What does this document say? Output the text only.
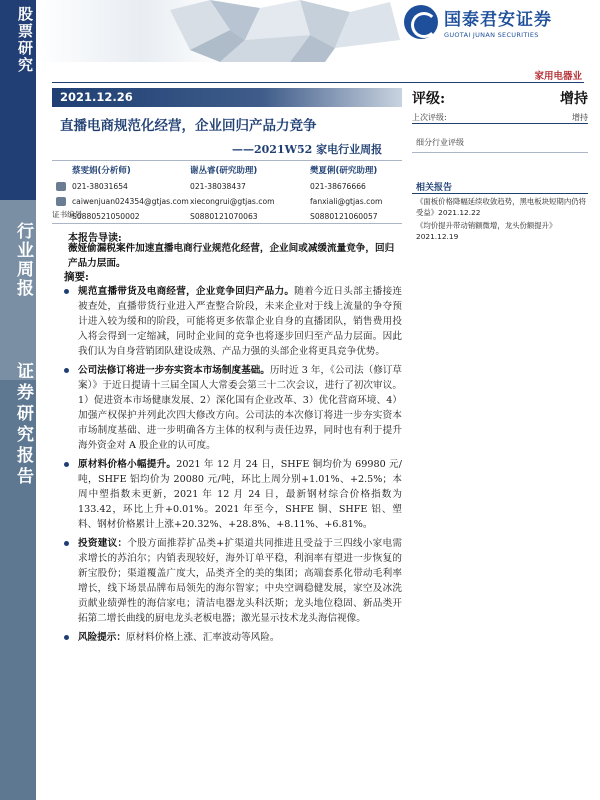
股票研究
行业周报
证券研究报告
国泰君安证券
GUOTAI JUNAN SECURITIES
家用电器业
2021.12.26
直播电商规范化经营，企业回归产品力竞争
——2021W52 家电行业周报
蔡雯娟(分析师)
021-38031654
caiwenjuan024354@gtjas.com
S0880521050002
谢丛睿(研究助理)
021-38038437
xiecongrui@gtjas.com
S0880121070063
樊夏俐(研究助理)
021-38676666
fanxiali@gtjas.com
S0880121060057
证书编号
评级:	增持
上次评级:	增持
细分行业评级
相关报告
《面板价格降幅延续收敛趋势，黑电板块短期内仍将受益》2021.12.22
《均价提升带动销额微增，龙头份额提升》2021.12.19
本报告导读:
薇娅偷漏税案件加速直播电商行业规范化经营，企业间或减缓流量竞争，回归产品力层面。
摘要:
规范直播带货及电商经营，企业竞争回归产品力。随着今近日头部主播接连被查处，直播带货行业进入严查整合阶段，未来企业对于线上流量的争夺预计进入较为缓和的阶段，可能将更多依靠企业自身的直播团队，销售费用投入将会得到一定缩减，同时企业间的竞争也将逐步回归至产品力层面。因此我们认为自身营销团队建设成熟、产品力强的头部企业将更具竞争优势。
公司法修订将进一步夯实资本市场制度基础。历时近 3 年，《公司法（修订草案）》于近日提请十三届全国人大常委会第三十二次会议，进行了初次审议。1）促进资本市场健康发展、2）深化国有企业改革、3）优化营商环境、4）加强产权保护并列此次四大修改方向。公司法的本次修订将进一步夯实资本市场制度基础、进一步明确各方主体的权利与责任边界，同时也有利于提升海外资金对 A 股企业的认可度。
原材料价格小幅提升。2021 年 12 月 24 日，SHFE 铜均价为 69980 元/吨，SHFE 铝均价为 20080 元/吨，环比上周分别+1.01%、+2.5%；本周中塑指数未更新，2021 年 12 月 24 日，最新钢材综合价格指数为 133.42，环比上升+0.01%。2021 年至今，SHFE 铜、SHFE 铝、塑料、钢材价格累计上涨+20.32%、+28.8%、+8.11%、+6.81%。
投资建议：个股方面推荐扩品类+扩渠道共同推进且受益于三四线小家电需求增长的苏泊尔；内销表现较好，海外订单平稳，利润率有望进一步恢复的新宝股份；渠道覆盖广度大，品类齐全的美的集团；高端套系化带动毛利率增长，线下场景品牌布局领先的海尔智家；中央空调稳健发展，家空及冰洗贡献业绩弹性的海信家电；清洁电器龙头科沃斯；龙头地位稳固、新品类开拓第二增长曲线的厨电龙头老板电器；激光显示技术龙头海信视像。
风险提示：原材料价格上涨、汇率波动等风险。
